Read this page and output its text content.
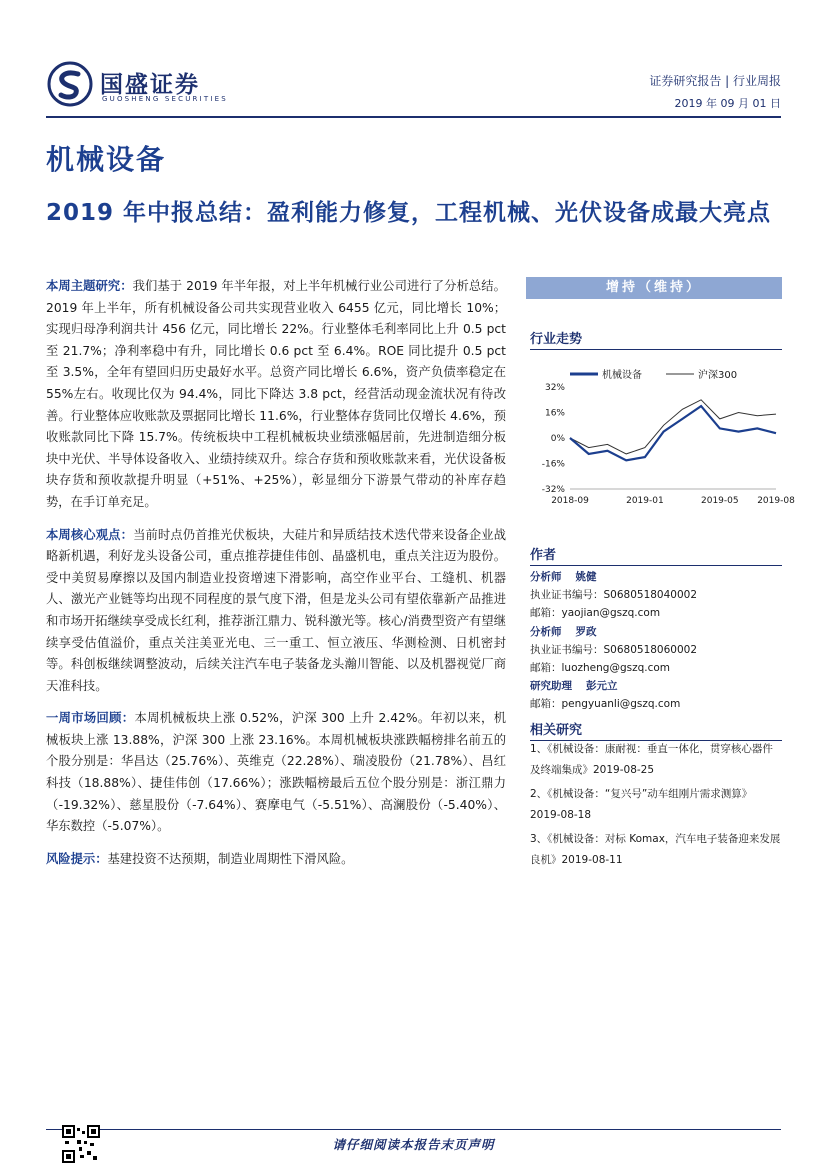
国盛证券
GUOSHENG SECURITIES
证券研究报告 | 行业周报
2019 年 09 月 01 日
机械设备
2019 年中报总结：盈利能力修复，工程机械、光伏设备成最大亮点

本周主题研究：我们基于 2019 年半年报，对上半年机械行业公司进行了分析总结。2019 年上半年，所有机械设备公司共实现营业收入 6455 亿元，同比增长 10%；实现归母净利润共计 456 亿元，同比增长 22%。行业整体毛利率同比上升 0.5 pct 至 21.7%；净利率稳中有升，同比增长 0.6 pct 至 6.4%。ROE 同比提升 0.5 pct 至 3.5%，全年有望回归历史最好水平。总资产同比增长 6.6%，资产负债率稳定在 55%左右。收现比仅为 94.4%，同比下降达 3.8 pct，经营活动现金流状况有待改善。行业整体应收账款及票据同比增长 11.6%，行业整体存货同比仅增长 4.6%，预收账款同比下降 15.7%。传统板块中工程机械板块业绩涨幅居前，先进制造细分板块中光伏、半导体设备收入、业绩持续双升。综合存货和预收账款来看，光伏设备板块存货和预收款提升明显（+51%、+25%），彰显细分下游景气带动的补库存趋势，在手订单充足。

本周核心观点：当前时点仍首推光伏板块，大硅片和异质结技术迭代带来设备企业战略新机遇，利好龙头设备公司，重点推荐捷佳伟创、晶盛机电，重点关注迈为股份。受中美贸易摩擦以及国内制造业投资增速下滑影响，高空作业平台、工缝机、机器人、激光产业链等均出现不同程度的景气度下滑，但是龙头公司有望依靠新产品推进和市场开拓继续享受成长红利，推荐浙江鼎力、锐科激光等。核心/消费型资产有望继续享受估值溢价，重点关注美亚光电、三一重工、恒立液压、华测检测、日机密封等。科创板继续调整波动，后续关注汽车电子装备龙头瀚川智能、以及机器视觉厂商天准科技。

一周市场回顾：本周机械板块上涨 0.52%，沪深 300 上升 2.42%。年初以来，机械板块上涨 13.88%，沪深 300 上涨 23.16%。本周机械板块涨跌幅榜排名前五的个股分别是：华昌达（25.76%）、英维克（22.28%）、瑞凌股份（21.78%）、昌红科技（18.88%）、捷佳伟创（17.66%）；涨跌幅榜最后五位个股分别是：浙江鼎力（-19.32%）、慈星股份（-7.64%）、赛摩电气（-5.51%）、高澜股份（-5.40%）、华东数控（-5.07%）。

风险提示：基建投资不达预期，制造业周期性下滑风险。

增持（维持）
行业走势
机械设备	沪深300
32%
16%
0%
-16%
-32%
2018-09	2019-01	2019-05 2019-08
作者
分析师 姚健
执业证书编号：S0680518040002
邮箱：yaojian@gszq.com
分析师 罗政
执业证书编号：S0680518060002
邮箱：luozheng@gszq.com
研究助理 彭元立
邮箱：pengyuanli@gszq.com
相关研究
1、《机械设备：康耐视：垂直一体化，贯穿核心器件及终端集成》2019-08-25
2、《机械设备：“复兴号”动车组刚片需求测算》2019-08-18
3、《机械设备：对标 Komax，汽车电子装备迎来发展良机》2019-08-11
请仔细阅读本报告末页声明
